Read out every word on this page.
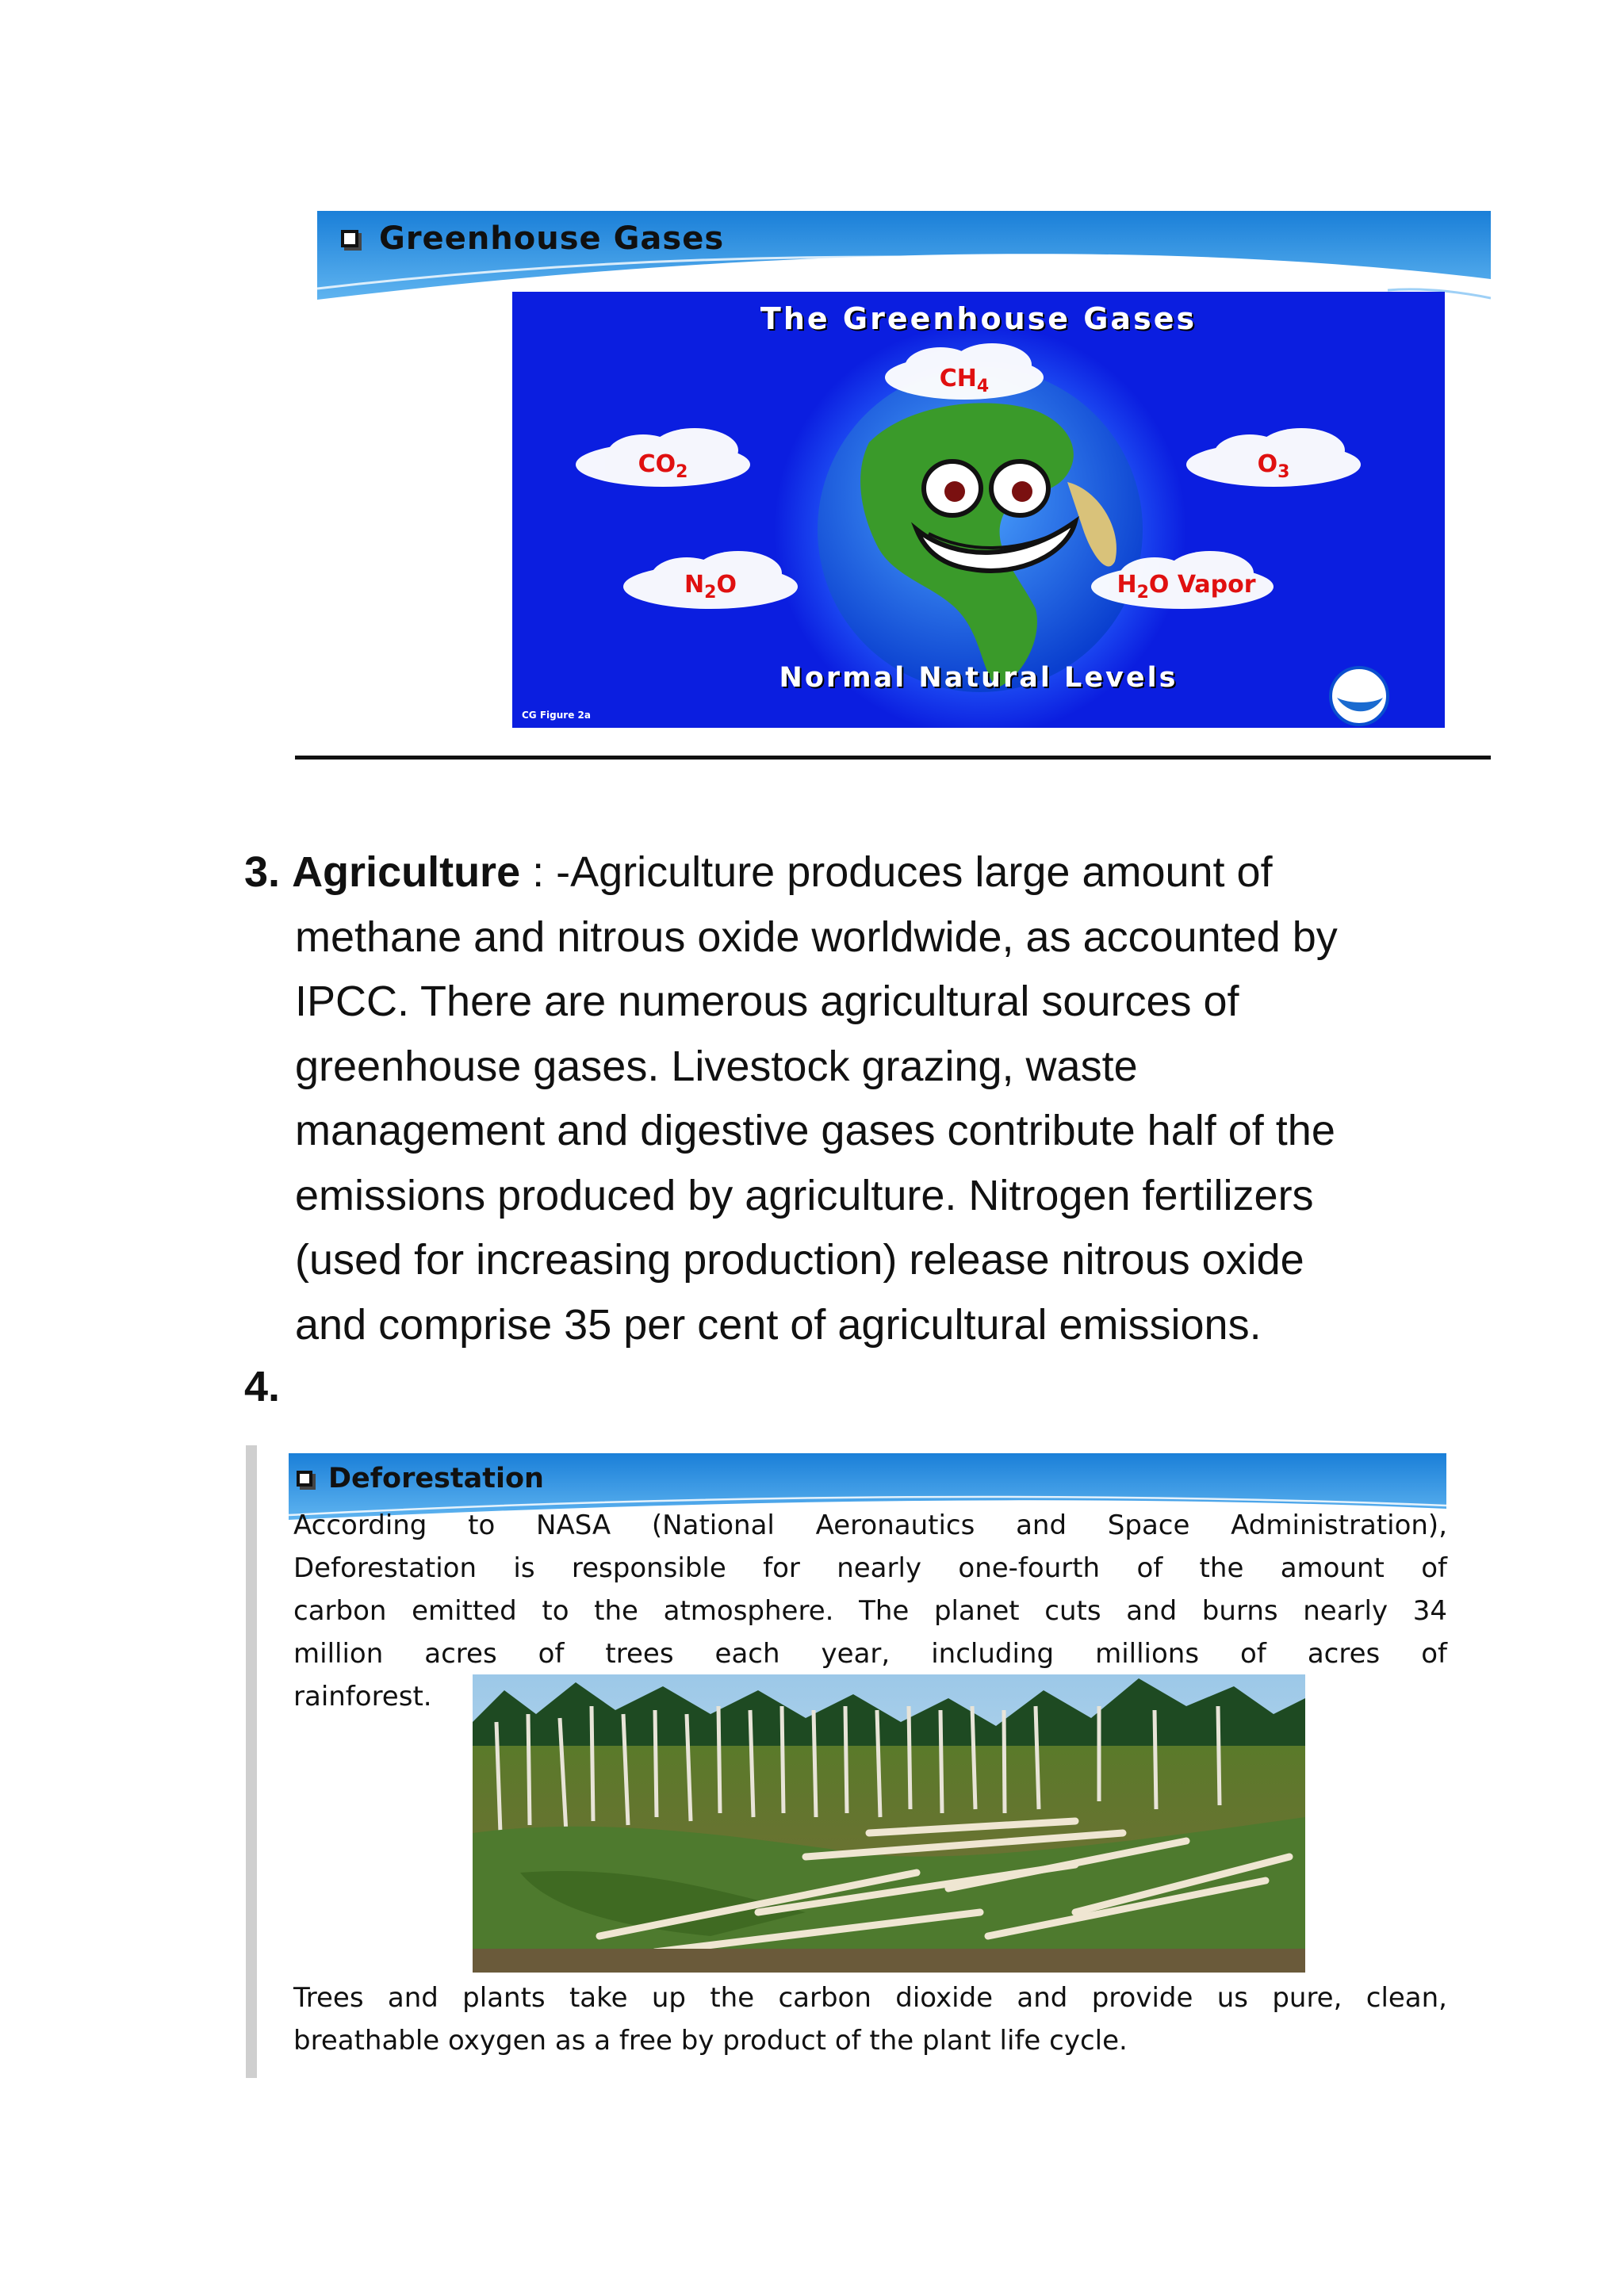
Greenhouse Gases
The Greenhouse Gases
$CH_4$
$CO_2$	$O_3$
$N_2O$	$H_2O$ Vapor
Normal Natural Levels
CG Figure 2a
3. Agriculture : -Agriculture produces large amount of
methane and nitrous oxide worldwide, as accounted by
IPCC. There are numerous agricultural sources of
greenhouse gases. Livestock grazing, waste
management and digestive gases contribute half of the
emissions produced by agriculture. Nitrogen fertilizers
(used for increasing production) release nitrous oxide
and comprise 35 per cent of agricultural emissions.
4.
Deforestation
According to NASA (National Aeronautics and Space Administration),
Deforestation is responsible for nearly one-fourth of the amount of
carbon emitted to the atmosphere. The planet cuts and burns nearly 34
million acres of trees each year, including millions of acres of
rainforest.
Trees and plants take up the carbon dioxide and provide us pure, clean,
breathable oxygen as a free by product of the plant life cycle.
